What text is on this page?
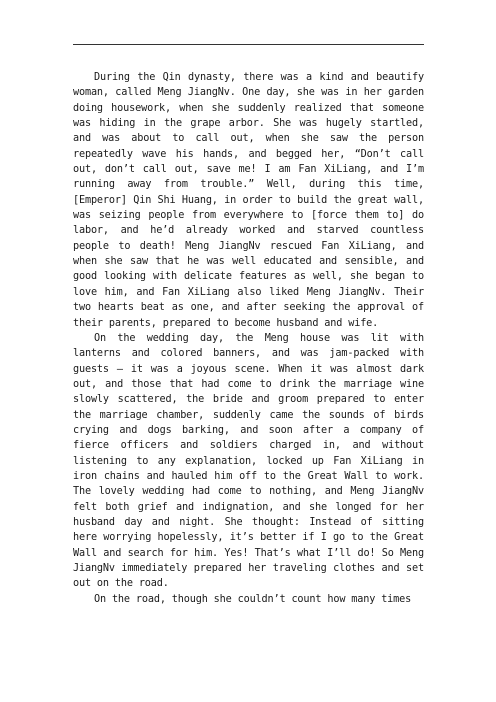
During the Qin dynasty, there was a kind and beautify woman, called Meng JiangNv. One day, she was in her garden doing housework, when she suddenly realized that someone was hiding in the grape arbor. She was hugely startled, and was about to call out, when she saw the person repeatedly wave his hands, and begged her, “Don’t call out, don’t call out, save me! I am Fan XiLiang, and I’m running away from trouble.” Well, during this time, [Emperor] Qin Shi Huang, in order to build the great wall, was seizing people from everywhere to [force them to] do labor, and he’d already worked and starved countless people to death! Meng JiangNv rescued Fan XiLiang, and when she saw that he was well educated and sensible, and good looking with delicate features as well, she began to love him, and Fan XiLiang also liked Meng JiangNv. Their two hearts beat as one, and after seeking the approval of their parents, prepared to become husband and wife.

On the wedding day, the Meng house was lit with lanterns and colored banners, and was jam-packed with guests – it was a joyous scene. When it was almost dark out, and those that had come to drink the marriage wine slowly scattered, the bride and groom prepared to enter the marriage chamber, suddenly came the sounds of birds crying and dogs barking, and soon after a company of fierce officers and soldiers charged in, and without listening to any explanation, locked up Fan XiLiang in iron chains and hauled him off to the Great Wall to work. The lovely wedding had come to nothing, and Meng JiangNv felt both grief and indignation, and she longed for her husband day and night. She thought: Instead of sitting here worrying hopelessly, it’s better if I go to the Great Wall and search for him. Yes! That’s what I’ll do! So Meng JiangNv immediately prepared her traveling clothes and set out on the road.

On the road, though she couldn’t count how many times
